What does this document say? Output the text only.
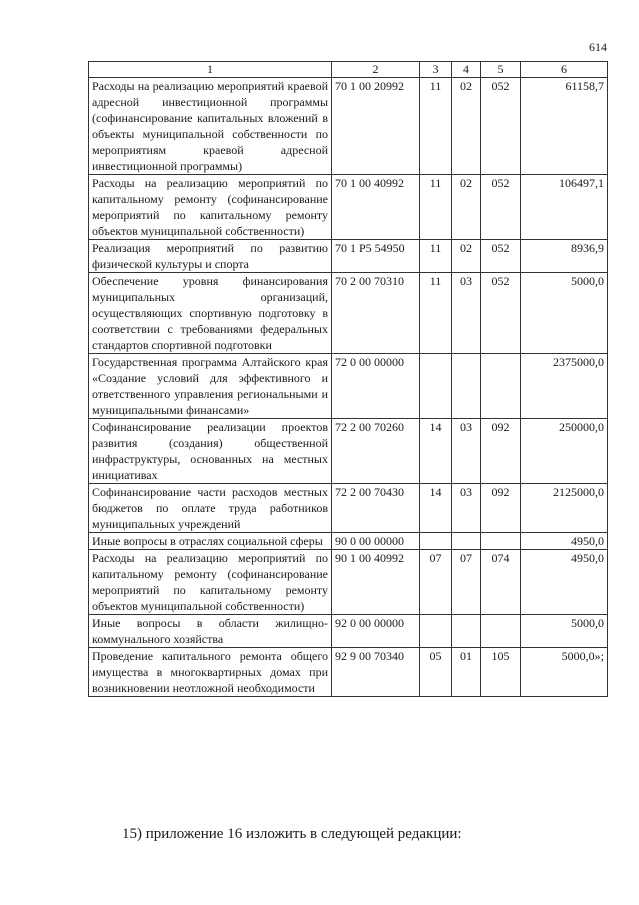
614
1	2	3	4	5	6
Расходы на реализацию мероприятий краевой адресной инвестиционной программы (софинансирование капитальных вложений в объекты муниципальной собственности по мероприятиям краевой адресной инвестиционной программы)	70 1 00 20992	11	02	052	61158,7
Расходы на реализацию мероприятий по капитальному ремонту (софинансирование мероприятий по капитальному ремонту объектов муниципальной собственности)	70 1 00 40992	11	02	052	106497,1
Реализация мероприятий по развитию физической культуры и спорта	70 1 Р5 54950	11	02	052	8936,9
Обеспечение уровня финансирования муниципальных организаций, осуществляющих спортивную подготовку в соответствии с требованиями федеральных стандартов спортивной подготовки	70 2 00 70310	11	03	052	5000,0
Государственная программа Алтайского края «Создание условий для эффективного и ответственного управления региональными и муниципальными финансами»	72 0 00 00000				2375000,0
Софинансирование реализации проектов развития (создания) общественной инфраструктуры, основанных на местных инициативах	72 2 00 70260	14	03	092	250000,0
Софинансирование части расходов местных бюджетов по оплате труда работников муниципальных учреждений	72 2 00 70430	14	03	092	2125000,0
Иные вопросы в отраслях социальной сферы	90 0 00 00000				4950,0
Расходы на реализацию мероприятий по капитальному ремонту (софинансирование мероприятий по капитальному ремонту объектов муниципальной собственности)	90 1 00 40992	07	07	074	4950,0
Иные вопросы в области жилищно-коммунального хозяйства	92 0 00 00000				5000,0
Проведение капитального ремонта общего имущества в многоквартирных домах при возникновении неотложной необходимости	92 9 00 70340	05	01	105	5000,0»;
15) приложение 16 изложить в следующей редакции:
